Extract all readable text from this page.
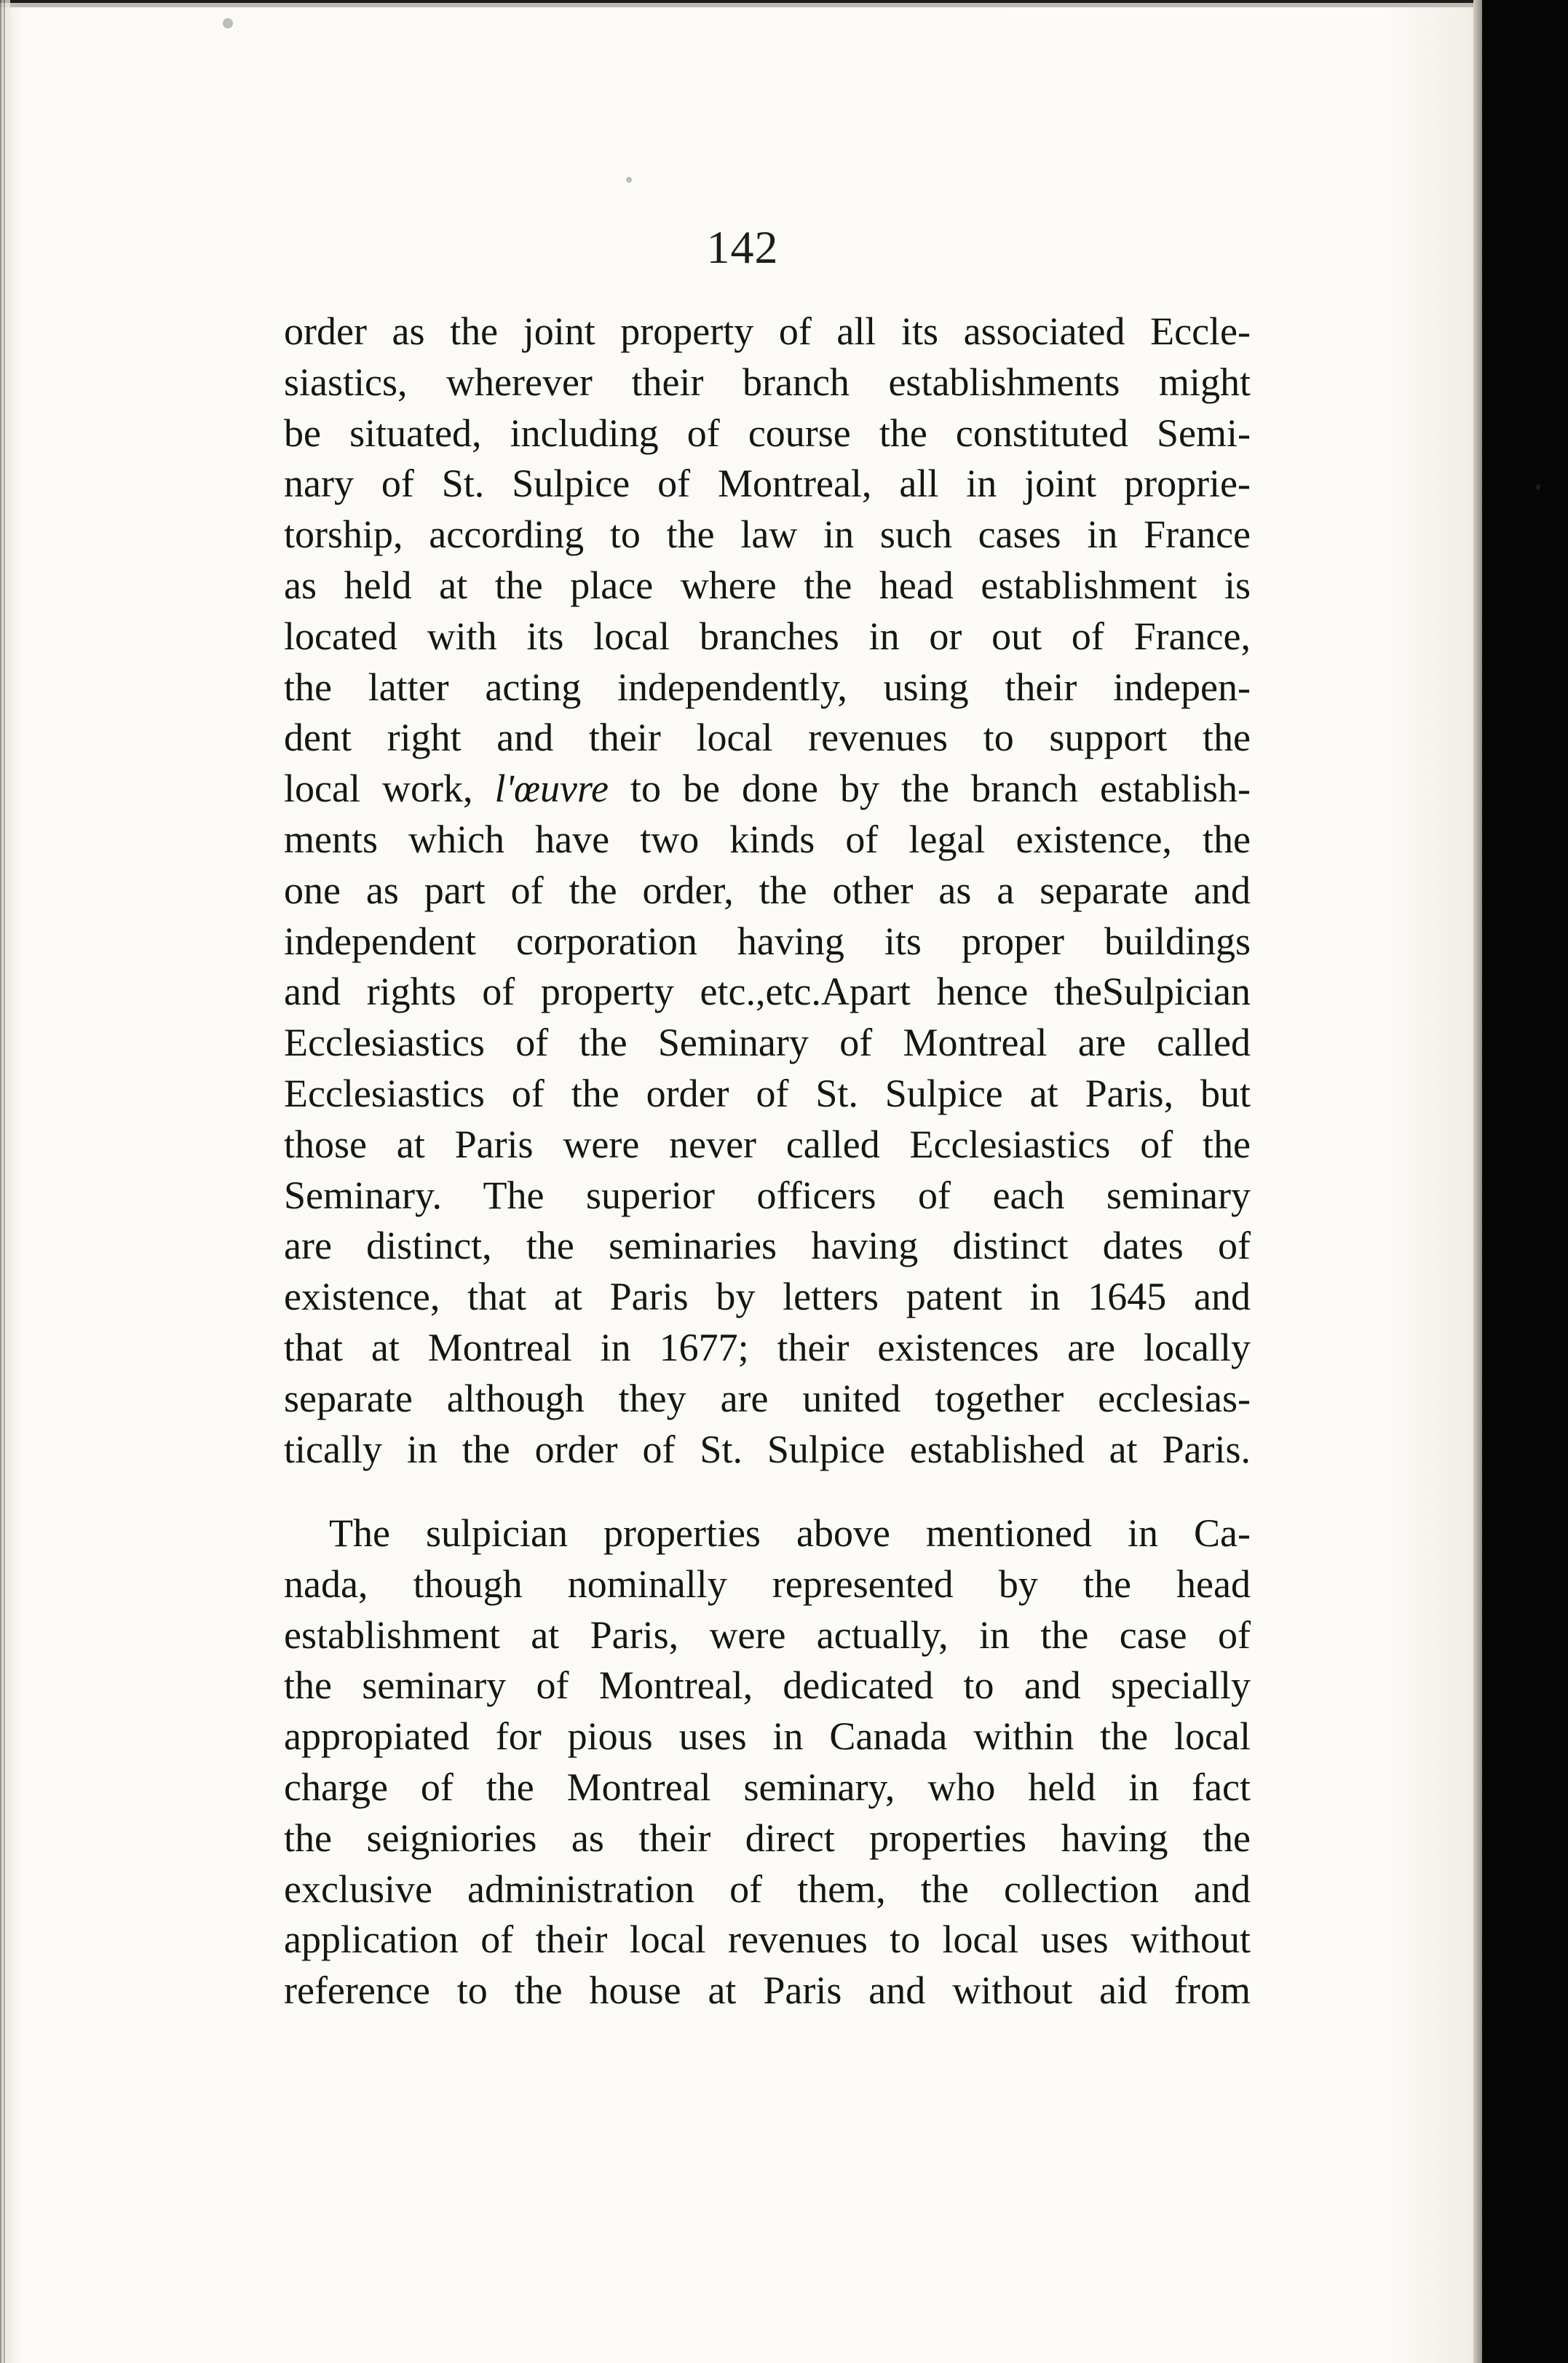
142
order as the joint property of all its associated Eccle-
siastics, wherever their branch establishments might
be situated, including of course the constituted Semi-
nary of St. Sulpice of Montreal, all in joint proprie-
torship, according to the law in such cases in France
as held at the place where the head establishment is
located with its local branches in or out of France,
the latter acting independently, using their indepen-
dent right and their local revenues to support the
local work, l'œuvre to be done by the branch establish-
ments which have two kinds of legal existence, the
one as part of the order, the other as a separate and
independent corporation having its proper buildings
and rights of property etc.,etc.Apart hence theSulpician
Ecclesiastics of the Seminary of Montreal are called
Ecclesiastics of the order of St. Sulpice at Paris, but
those at Paris were never called Ecclesiastics of the
Seminary. The superior officers of each seminary
are distinct, the seminaries having distinct dates of
existence, that at Paris by letters patent in 1645 and
that at Montreal in 1677; their existences are locally
separate although they are united together ecclesias-
tically in the order of St. Sulpice established at Paris.
The sulpician properties above mentioned in Ca-
nada, though nominally represented by the head
establishment at Paris, were actually, in the case of
the seminary of Montreal, dedicated to and specially
appropiated for pious uses in Canada within the local
charge of the Montreal seminary, who held in fact
the seigniories as their direct properties having the
exclusive administration of them, the collection and
application of their local revenues to local uses without
reference to the house at Paris and without aid from
